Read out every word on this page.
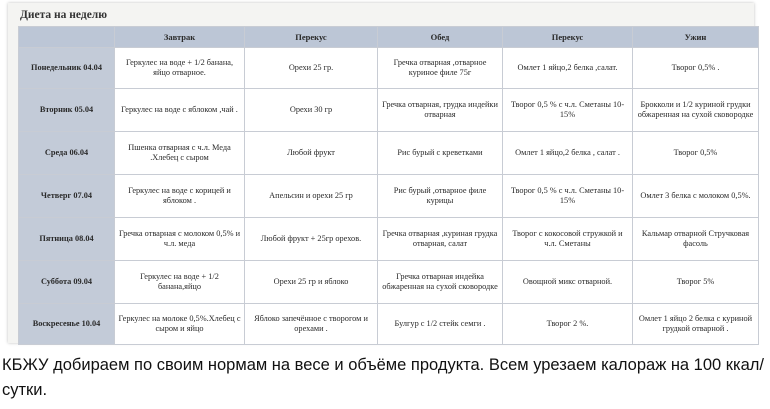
Диета на неделю
	Завтрак	Перекус	Обед	Перекус	Ужин
Понедельник 04.04	Геркулес на воде + 1/2 банана, яйцо отварное.	Орехи 25 гр.	Гречка отварная ,отварное куриное филе 75г	Омлет 1 яйцо,2 белка ,салат.	Творог 0,5% .
Вторник 05.04	Геркулес на воде с яблоком ,чай .	Орехи 30 гр	Гречка отварная, грудка индейки отварная	Творог 0,5 % с ч.л. Сметаны 10-15%	Брокколи и 1/2 куриной грудки обжаренная на сухой сковородке
Среда 06.04	Пшенка отварная с ч.л. Меда .Хлебец с сыром	Любой фрукт	Рис бурый с креветками	Омлет 1 яйцо,2 белка , салат .	Творог 0,5%
Четверг 07.04	Геркулес на воде с корицей и яблоком .	Апельсин и орехи 25 гр	Рис бурый ,отварное филе курицы	Творог 0,5 % с ч.л. Сметаны 10-15%	Омлет 3 белка с молоком 0,5%.
Пятница 08.04	Гречка отварная с молоком 0,5% и ч.л. меда	Любой фрукт + 25гр орехов.	Гречка отварная ,куриная грудка отварная, салат	Творог с кокосовой стружкой и ч.л. Сметаны	Кальмар отварной Стручковая фасоль
Суббота 09.04	Геркулес на воде + 1/2 банана,яйцо	Орехи 25 гр и яблоко	Гречка отварная индейка обжаренная на сухой сковородке	Овощной микс отварной.	Творог 5%
Воскресенье 10.04	Геркулес на молоке 0,5%.Хлебец с сыром и яйцо	Яблоко запечённое с творогом и орехами .	Булгур с 1/2 стейк семги .	Творог 2 %.	Омлет 1 яйцо 2 белка с куриной грудкой отварной .
КБЖУ добираем по своим нормам на весе и объёме продукта. Всем урезаем калораж на 100 ккал/сутки.
